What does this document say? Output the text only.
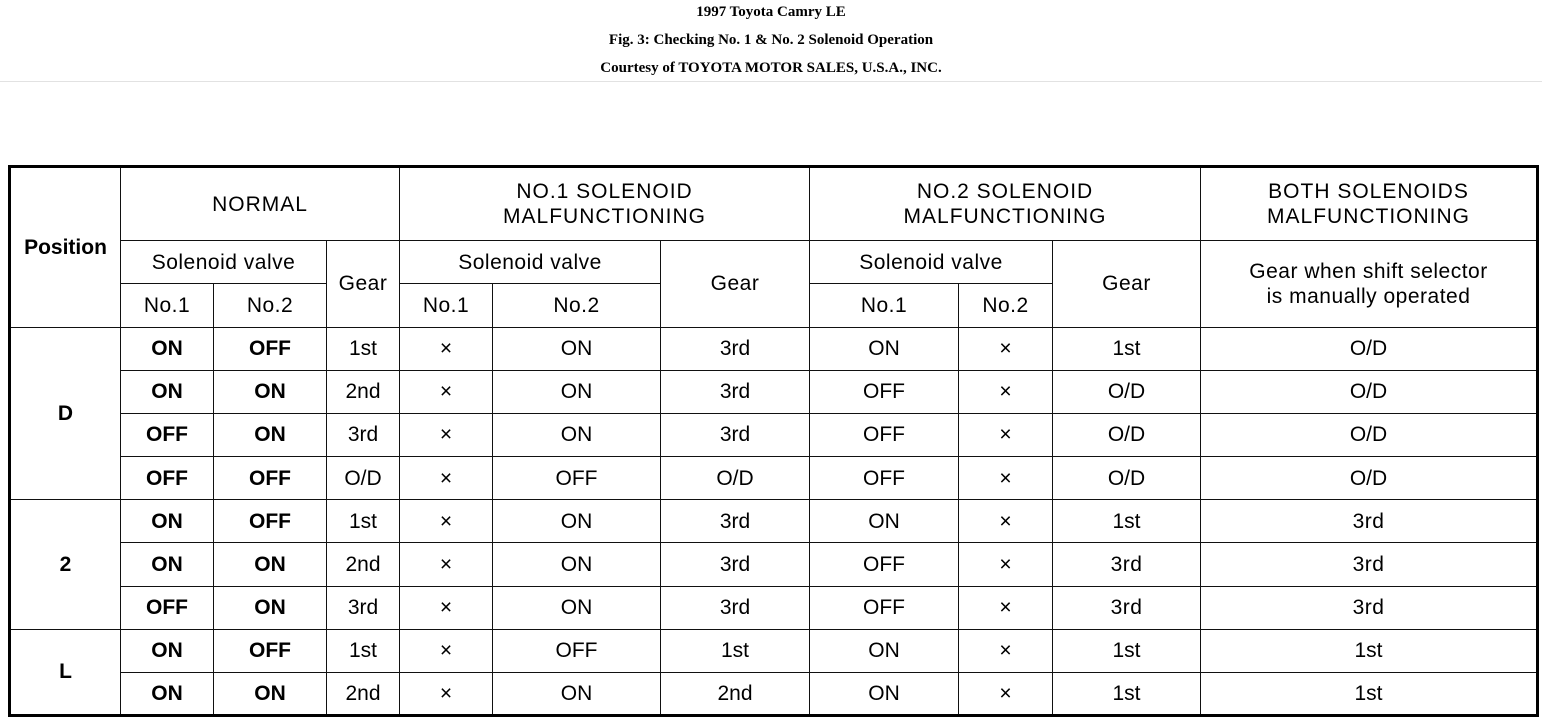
1997 Toyota Camry LE
Fig. 3: Checking No. 1 & No. 2 Solenoid Operation
Courtesy of TOYOTA MOTOR SALES, U.S.A., INC.
Position	NORMAL			NO.1 SOLENOID
MALFUNCTIONING			NO.2 SOLENOID
MALFUNCTIONING			BOTH SOLENOIDS
MALFUNCTIONING
	Solenoid valve		Gear	Solenoid valve		Gear	Solenoid valve		Gear	Gear when shift selector
is manually operated
	No.1	No.2		No.1	No.2		No.1	No.2		
D	ON	OFF	1st	×	ON	3rd	ON	×	1st	O/D
	ON	ON	2nd	×	ON	3rd	OFF	×	O/D	O/D
	OFF	ON	3rd	×	ON	3rd	OFF	×	O/D	O/D
	OFF	OFF	O/D	×	OFF	O/D	OFF	×	O/D	O/D
2	ON	OFF	1st	×	ON	3rd	ON	×	1st	3rd
	ON	ON	2nd	×	ON	3rd	OFF	×	3rd	3rd
	OFF	ON	3rd	×	ON	3rd	OFF	×	3rd	3rd
L	ON	OFF	1st	×	OFF	1st	ON	×	1st	1st
	ON	ON	2nd	×	ON	2nd	ON	×	1st	1st
